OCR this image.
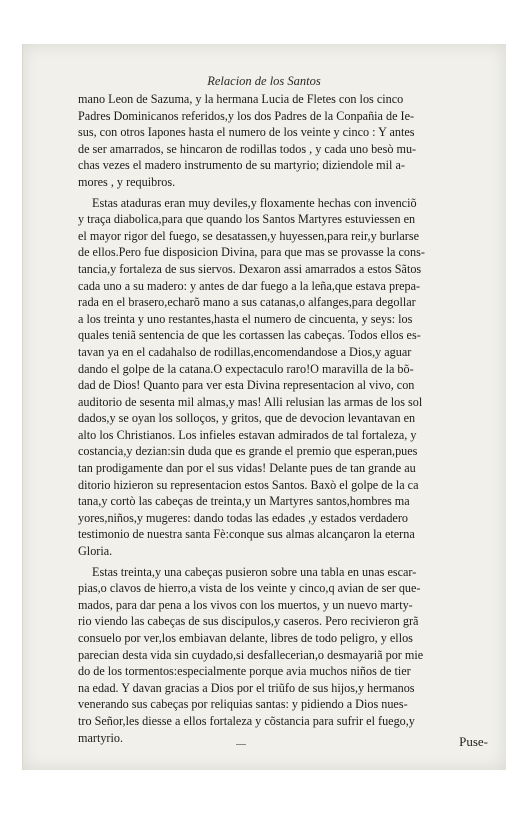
Relacion de los Santos
mano Leon de Sazuma, y la hermana Lucia de Fletes con los cinco
Padres Dominicanos referidos,y los dos Padres de la Conpañia de Ie-
sus, con otros Iapones hasta el numero de los veinte y cinco : Y antes
de ser amarrados, se hincaron de rodillas todos , y cada uno besò mu-
chas vezes el madero instrumento de su martyrio; diziendole mil a-
mores , y requibros.
Estas ataduras eran muy deviles,y floxamente hechas con invenciõ
y traça diabolica,para que quando los Santos Martyres estuviessen en
el mayor rigor del fuego, se desatassen,y huyessen,para reir,y burlarse
de ellos.Pero fue disposicion Divina, para que mas se provasse la cons-
tancia,y fortaleza de sus siervos. Dexaron assi amarrados a estos Sãtos
cada uno a su madero: y antes de dar fuego a la leña,que estava prepa-
rada en el brasero,echarõ mano a sus catanas,o alfanges,para degollar
a los treinta y uno restantes,hasta el numero de cincuenta, y seys: los
quales teniã sentencia de que les cortassen las cabeças. Todos ellos es-
tavan ya en el cadahalso de rodillas,encomendandose a Dios,y aguar
dando el golpe de la catana.O expectaculo raro!O maravilla de la bõ-
dad de Dios! Quanto para ver esta Divina representacion al vivo, con
auditorio de sesenta mil almas,y mas! Alli relusian las armas de los sol
dados,y se oyan los solloços, y gritos, que de devocion levantavan en
alto los Christianos. Los infieles estavan admirados de tal fortaleza, y
costancia,y dezian:sin duda que es grande el premio que esperan,pues
tan prodigamente dan por el sus vidas! Delante pues de tan grande au
ditorio hizieron su representacion estos Santos. Baxò el golpe de la ca
tana,y cortò las cabeças de treinta,y un Martyres santos,hombres ma
yores,niños,y mugeres: dando todas las edades ,y estados verdadero
testimonio de nuestra santa Fè:conque sus almas alcançaron la eterna
Gloria.
Estas treinta,y una cabeças pusieron sobre una tabla en unas escar-
pias,o clavos de hierro,a vista de los veinte y cinco,q avian de ser que-
mados, para dar pena a los vivos con los muertos, y un nuevo marty-
rio viendo las cabeças de sus discipulos,y caseros. Pero recivieron grã
consuelo por ver,los embiavan delante, libres de todo peligro, y ellos
parecian desta vida sin cuydado,si desfallecerian,o desmayariã por mie
do de los tormentos:especialmente porque avia muchos niños de tier
na edad. Y davan gracias a Dios por el triũfo de sus hijos,y hermanos
venerando sus cabeças por reliquias santas: y pidiendo a Dios nues-
tro Señor,les diesse a ellos fortaleza y cõstancia para sufrir el fuego,y
martyrio.	Puse-
